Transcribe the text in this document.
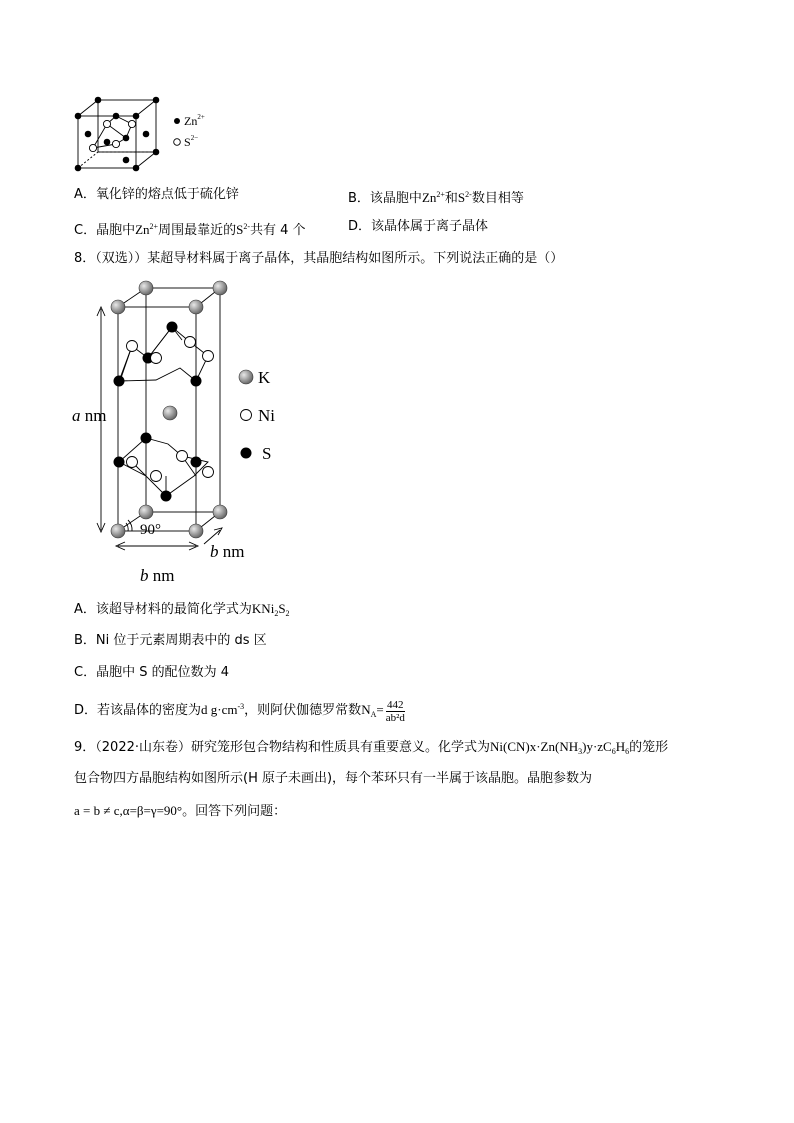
$Zn^{2+}$
$S^{2-}$
A．氧化锌的熔点低于硫化锌	B．该晶胞中$Zn^{2+}$和$S^{2-}$数目相等
C．晶胞中$Zn^{2+}$周围最靠近的$S^{2-}$共有 4 个	D．该晶体属于离子晶体
8．（双选））某超导材料属于离子晶体，其晶胞结构如图所示。下列说法正确的是（）
K
Ni
S
a nm
90°
b nm
b nm
A．该超导材料的最简化学式为$KNi_2S_2$
B．Ni 位于元素周期表中的 ds 区
C．晶胞中 S 的配位数为 4
D．若该晶体的密度为d $g\cdot cm^{-3}$，则阿伏伽德罗常数$N_A= \frac{442}{\text{ab²d}}$
9．（2022·山东卷）研究笼形包合物结构和性质具有重要意义。化学式为$Ni(CN)x\cdot Zn(NH_3)y\cdot zC_6H_6$的笼形
包合物四方晶胞结构如图所示(H 原子未画出)，每个苯环只有一半属于该晶胞。晶胞参数为
a = b ≠ c,α=β=γ=90°。回答下列问题：
